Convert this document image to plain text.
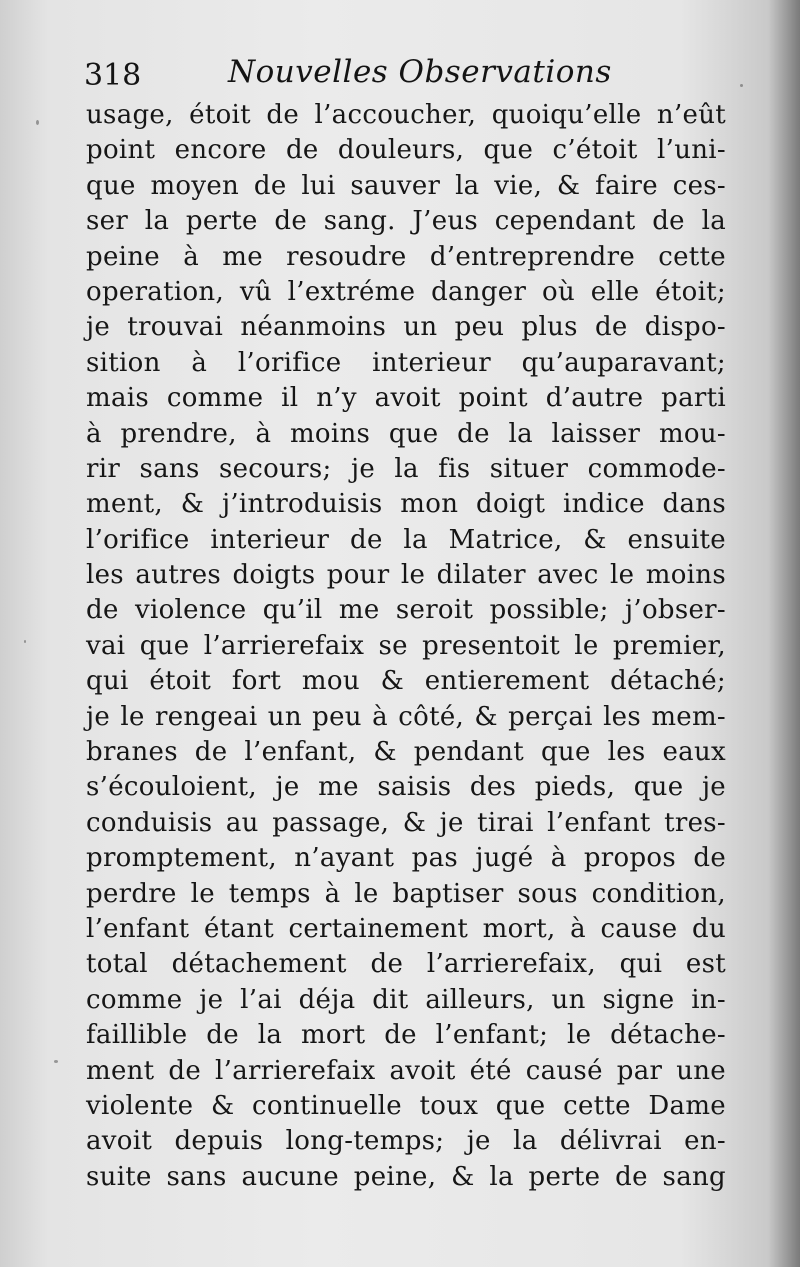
318	Nouvelles Observations
usage, étoit de l’accoucher, quoiqu’elle n’eût
point encore de douleurs, que c’étoit l’uni-
que moyen de lui sauver la vie, & faire ces-
ser la perte de sang. J’eus cependant de la
peine à me resoudre d’entreprendre cette
operation, vû l’extréme danger où elle étoit;
je trouvai néanmoins un peu plus de dispo-
sition à l’orifice interieur qu’auparavant;
mais comme il n’y avoit point d’autre parti
à prendre, à moins que de la laisser mou-
rir sans secours; je la fis situer commode-
ment, & j’introduisis mon doigt indice dans
l’orifice interieur de la Matrice, & ensuite
les autres doigts pour le dilater avec le moins
de violence qu’il me seroit possible; j’obser-
vai que l’arrierefaix se presentoit le premier,
qui étoit fort mou & entierement détaché;
je le rengeai un peu à côté, & perçai les mem-
branes de l’enfant, & pendant que les eaux
s’écouloient, je me saisis des pieds, que je
conduisis au passage, & je tirai l’enfant tres-
promptement, n’ayant pas jugé à propos de
perdre le temps à le baptiser sous condition,
l’enfant étant certainement mort, à cause du
total détachement de l’arrierefaix, qui est
comme je l’ai déja dit ailleurs, un signe in-
faillible de la mort de l’enfant; le détache-
ment de l’arrierefaix avoit été causé par une
violente & continuelle toux que cette Dame
avoit depuis long-temps; je la délivrai en-
suite sans aucune peine, & la perte de sang
